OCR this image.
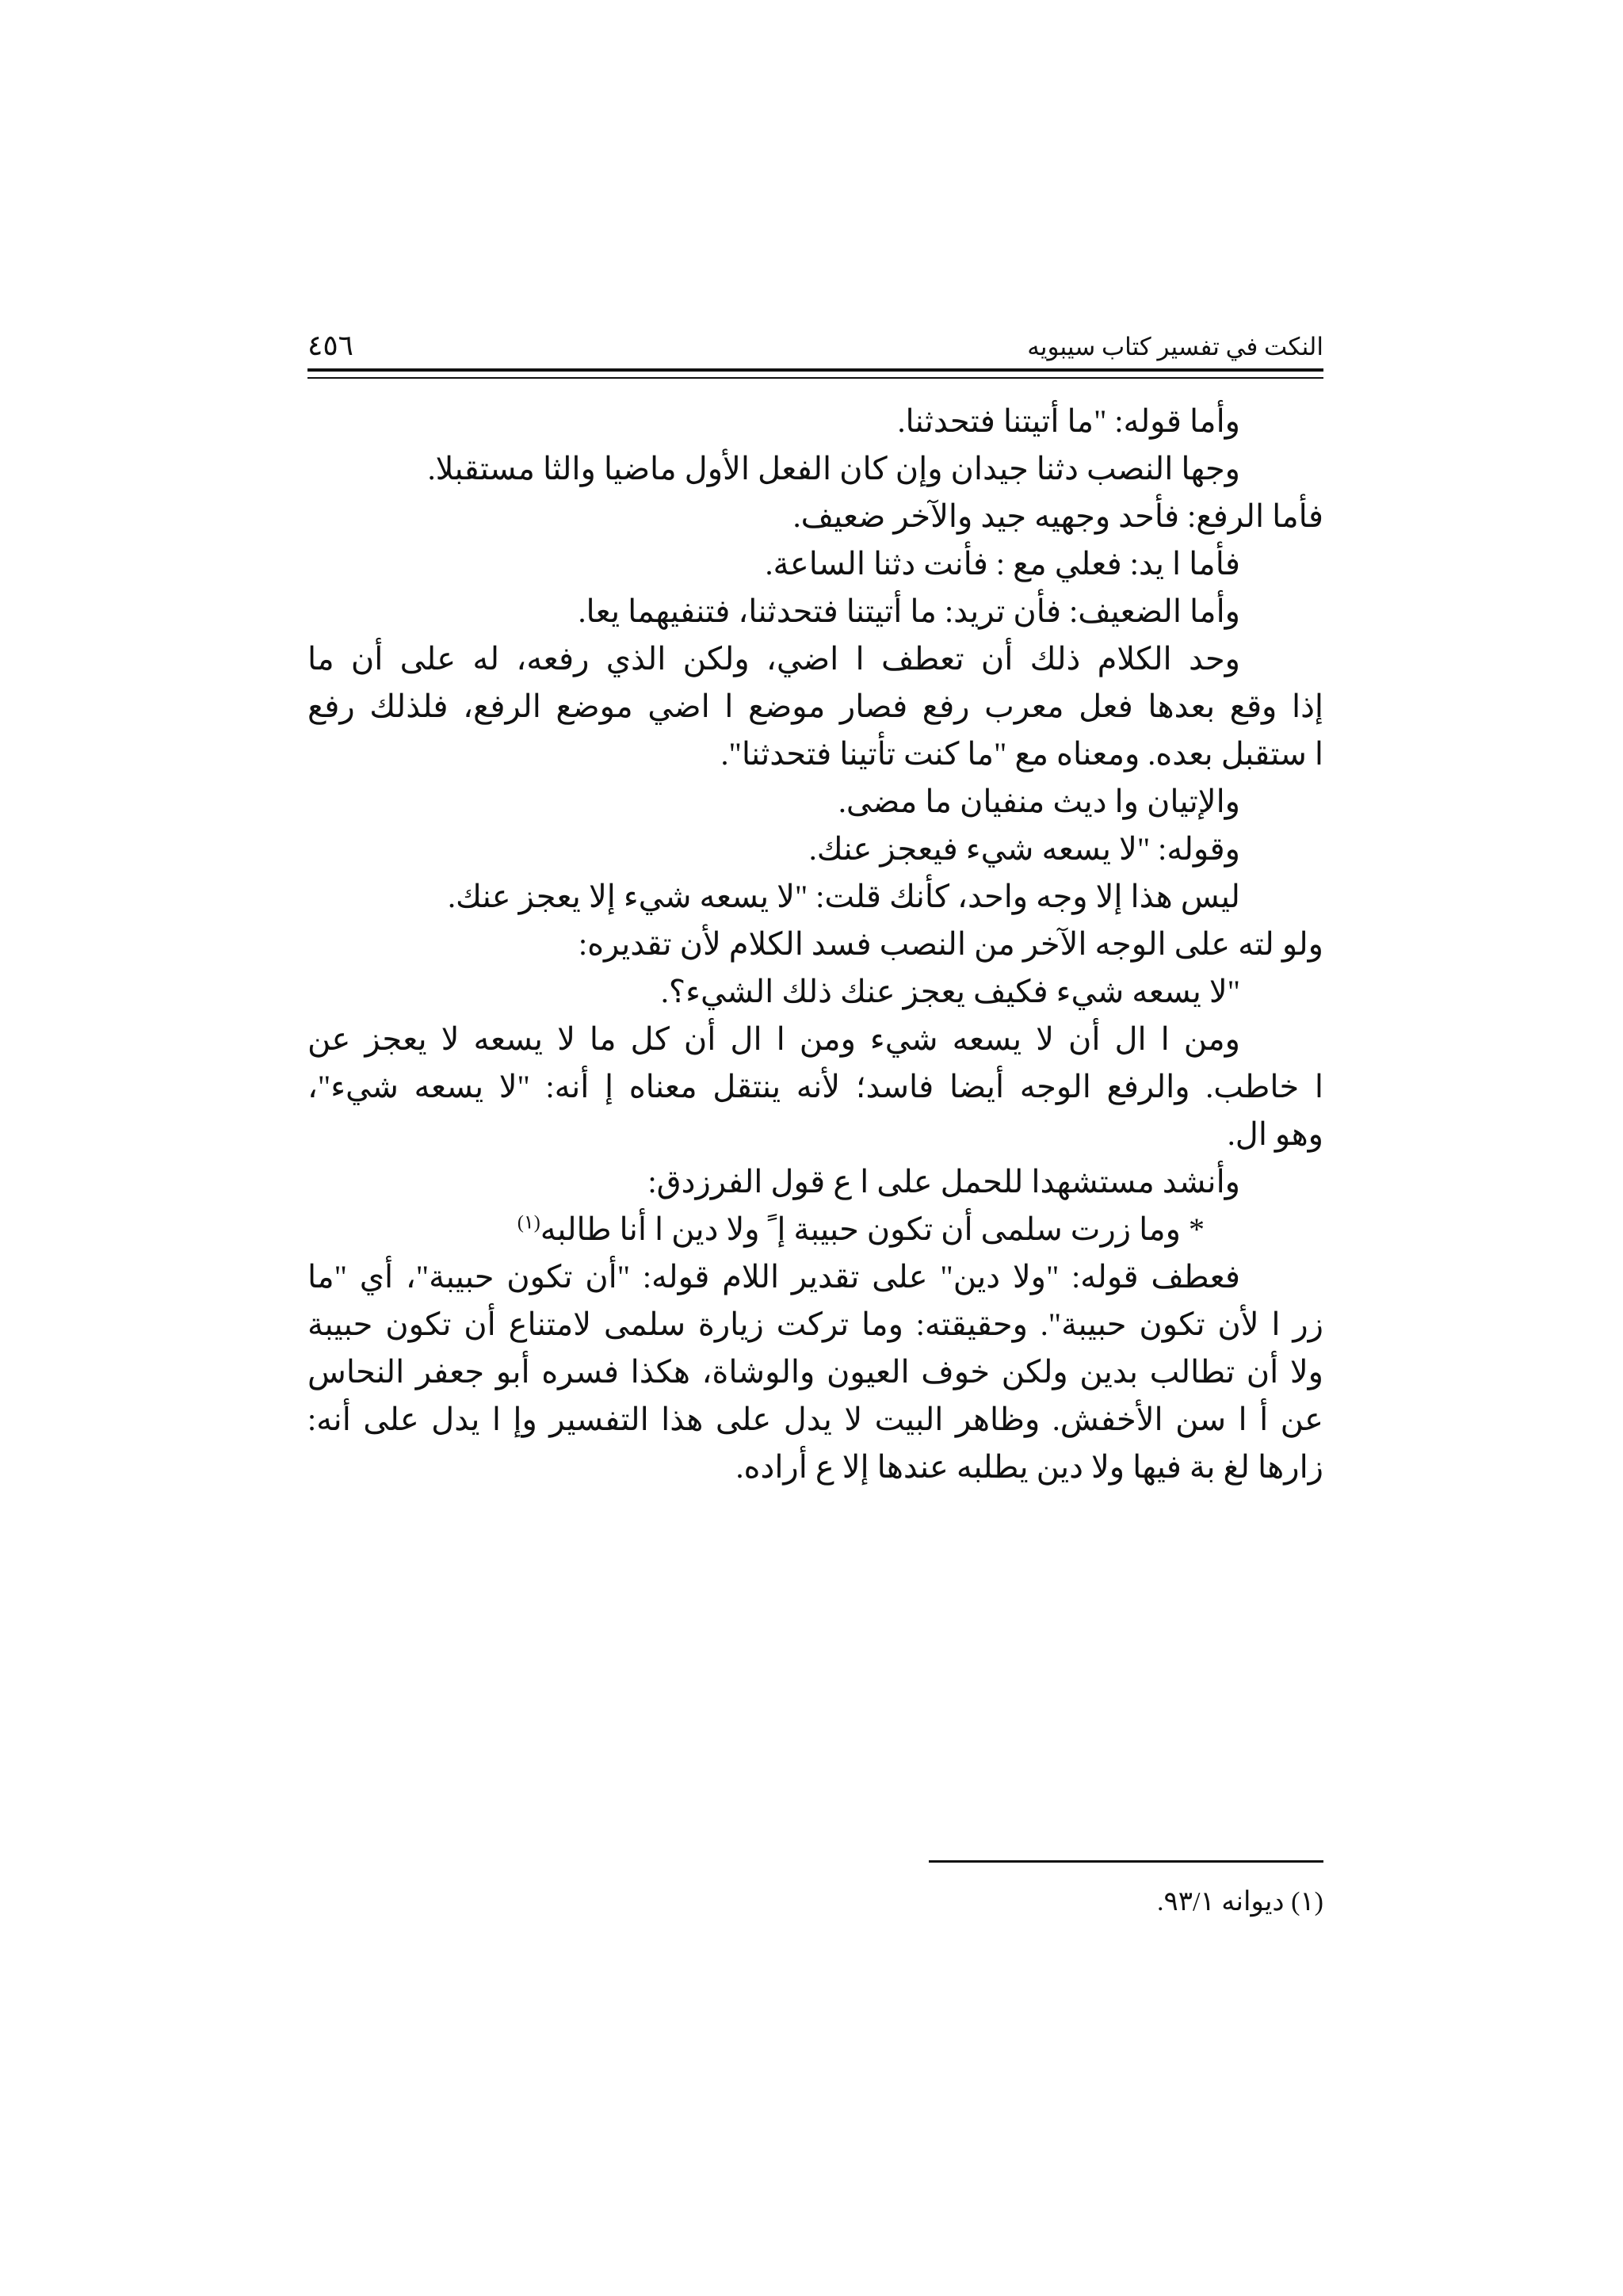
النكت في تفسير كتاب سيبويه
٤٥٦
وأما قوله: "ما أتيتنا فتحدثنا.
وجها النصب دثنا جيدان وإن كان الفعل الأول ماضيا والثا مستقبلا.
فأما الرفع: فأحد وجهيه جيد والآخر ضعيف.
فأما ا يد: فعلي مع : فأنت دثنا الساعة.
وأما الضعيف: فأن تريد: ما أتيتنا فتحدثنا، فتنفيهما يعا.
وحد الكلام ذلك أن تعطف ا اضي، ولكن الذي رفعه، له على أن ما
إذا وقع بعدها فعل معرب رفع فصار موضع ا اضي موضع الرفع، فلذلك رفع
ا ستقبل بعده. ومعناه مع "ما كنت تأتينا فتحدثنا".
والإتيان وا ديث منفيان ما مضى.
وقوله: "لا يسعه شيء فيعجز عنك.
ليس هذا إلا وجه واحد، كأنك قلت: "لا يسعه شيء إلا يعجز عنك.
ولو لته على الوجه الآخر من النصب فسد الكلام لأن تقديره:
"لا يسعه شيء فكيف يعجز عنك ذلك الشيء؟.
ومن ا ال أن لا يسعه شيء ومن ا ال أن كل ما لا يسعه لا يعجز عن
ا خاطب. والرفع الوجه أيضا فاسد؛ لأنه ينتقل معناه إ أنه: "لا يسعه شيء"،
وهو ال.
وأنشد مستشهدا للحمل على ا ع قول الفرزدق:
* وما زرت سلمى أن تكون حبيبة إ ً ولا دين ا أنا طالبه$^{(١)}$
فعطف قوله: "ولا دين" على تقدير اللام قوله: "أن تكون حبيبة"، أي "ما
زر ا لأن تكون حبيبة". وحقيقته: وما تركت زيارة سلمى لامتناع أن تكون حبيبة
ولا أن تطالب بدين ولكن خوف العيون والوشاة، هكذا فسره أبو جعفر النحاس
عن أ ا سن الأخفش. وظاهر البيت لا يدل على هذا التفسير وإ ا يدل على أنه:
زارها لغ بة فيها ولا دين يطلبه عندها إلا ع أراده.
(١) ديوانه ٩٣/١.
